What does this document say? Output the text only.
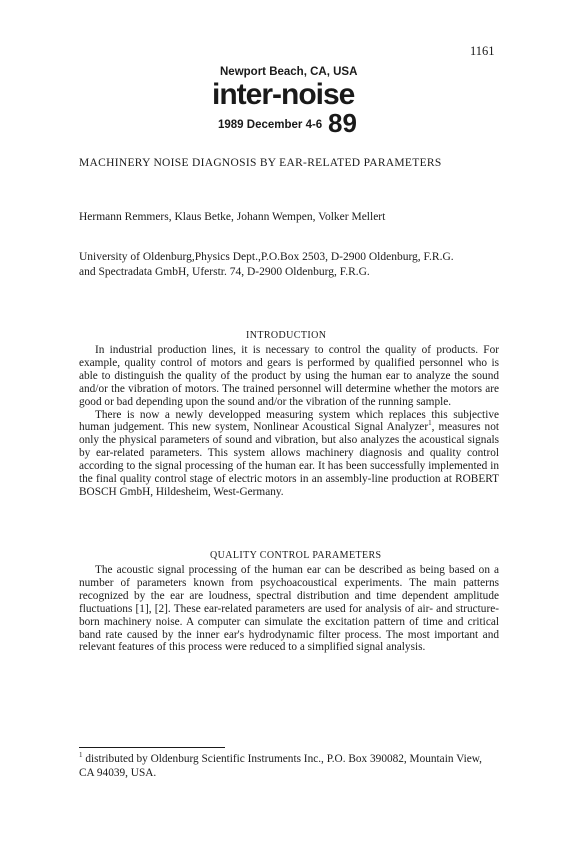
1161
Newport Beach, CA, USA
inter-noise
1989 December 4-6 89
MACHINERY NOISE DIAGNOSIS BY EAR-RELATED PARAMETERS
Hermann Remmers, Klaus Betke, Johann Wempen, Volker Mellert
University of Oldenburg,Physics Dept.,P.O.Box 2503, D-2900 Oldenburg, F.R.G.
and Spectradata GmbH, Uferstr. 74, D-2900 Oldenburg, F.R.G.
INTRODUCTION

In industrial production lines, it is necessary to control the quality of products. For example, quality control of motors and gears is performed by qualified personnel who is able to distinguish the quality of the product by using the human ear to analyze the sound and/or the vibration of motors. The trained personnel will determine whether the motors are good or bad depending upon the sound and/or the vibration of the running sample.

There is now a newly developped measuring system which replaces this subjective human judgement. This new system, Nonlinear Acoustical Signal Analyzer$^1$, measures not only the physical parameters of sound and vibration, but also analyzes the acoustical signals by ear-related parameters. This system allows machinery diagnosis and quality control according to the signal processing of the human ear. It has been successfully implemented in the final quality control stage of electric motors in an assembly-line production at ROBERT BOSCH GmbH, Hildesheim, West-Germany.

QUALITY CONTROL PARAMETERS

The acoustic signal processing of the human ear can be described as being based on a number of parameters known from psychoacoustical experiments. The main patterns recognized by the ear are loudness, spectral distribution and time dependent amplitude fluctuations [1], [2]. These ear-related parameters are used for analysis of air- and structure-born machinery noise. A computer can simulate the excitation pattern of time and critical band rate caused by the inner ear's hydrodynamic filter process. The most important and relevant features of this process were reduced to a simplified signal analysis.

$^1$ distributed by Oldenburg Scientific Instruments Inc., P.O. Box 390082, Mountain View, CA 94039, USA.
